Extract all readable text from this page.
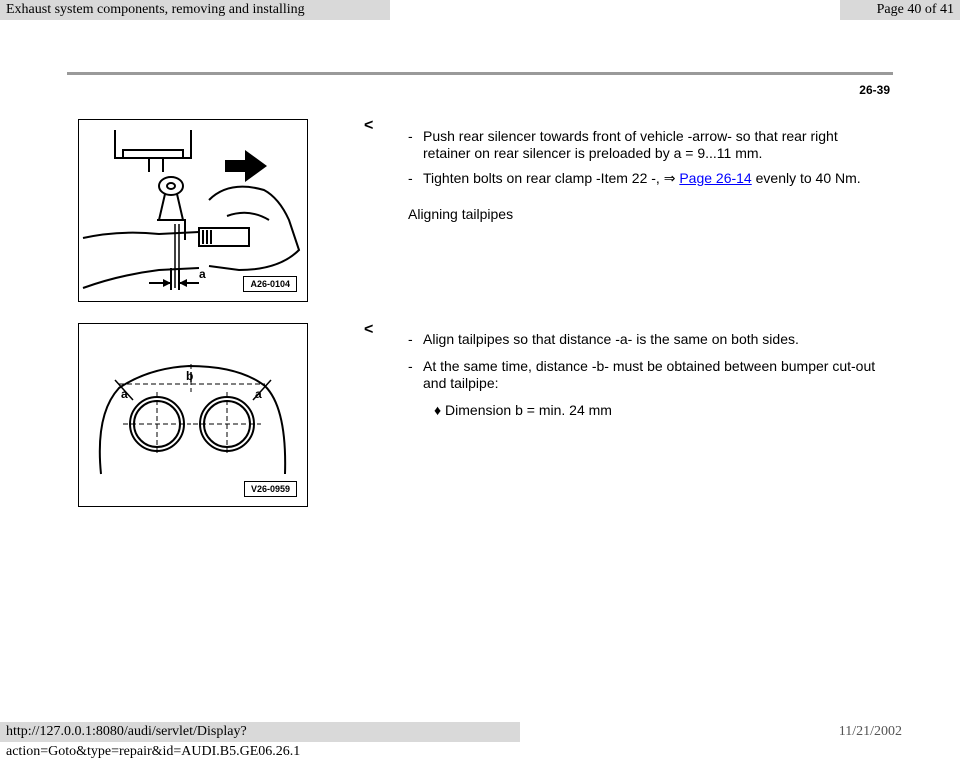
Exhaust system components, removing and installing	Page 40 of 41
26-39
a
A26-0104
<
- Push rear silencer towards front of vehicle -arrow- so that rear right retainer on rear silencer is preloaded by a = 9...11 mm.
- Tighten bolts on rear clamp -Item 22 -, ⇒ Page 26-14 evenly to 40 Nm.
Aligning tailpipes
a	a
b
V26-0959
<
- Align tailpipes so that distance -a- is the same on both sides.
- At the same time, distance -b- must be obtained between bumper cut-out and tailpipe:
♦ Dimension b = min. 24 mm
http://127.0.0.1:8080/audi/servlet/Display?action=Goto&type=repair&id=AUDI.B5.GE06.26.1
11/21/2002
